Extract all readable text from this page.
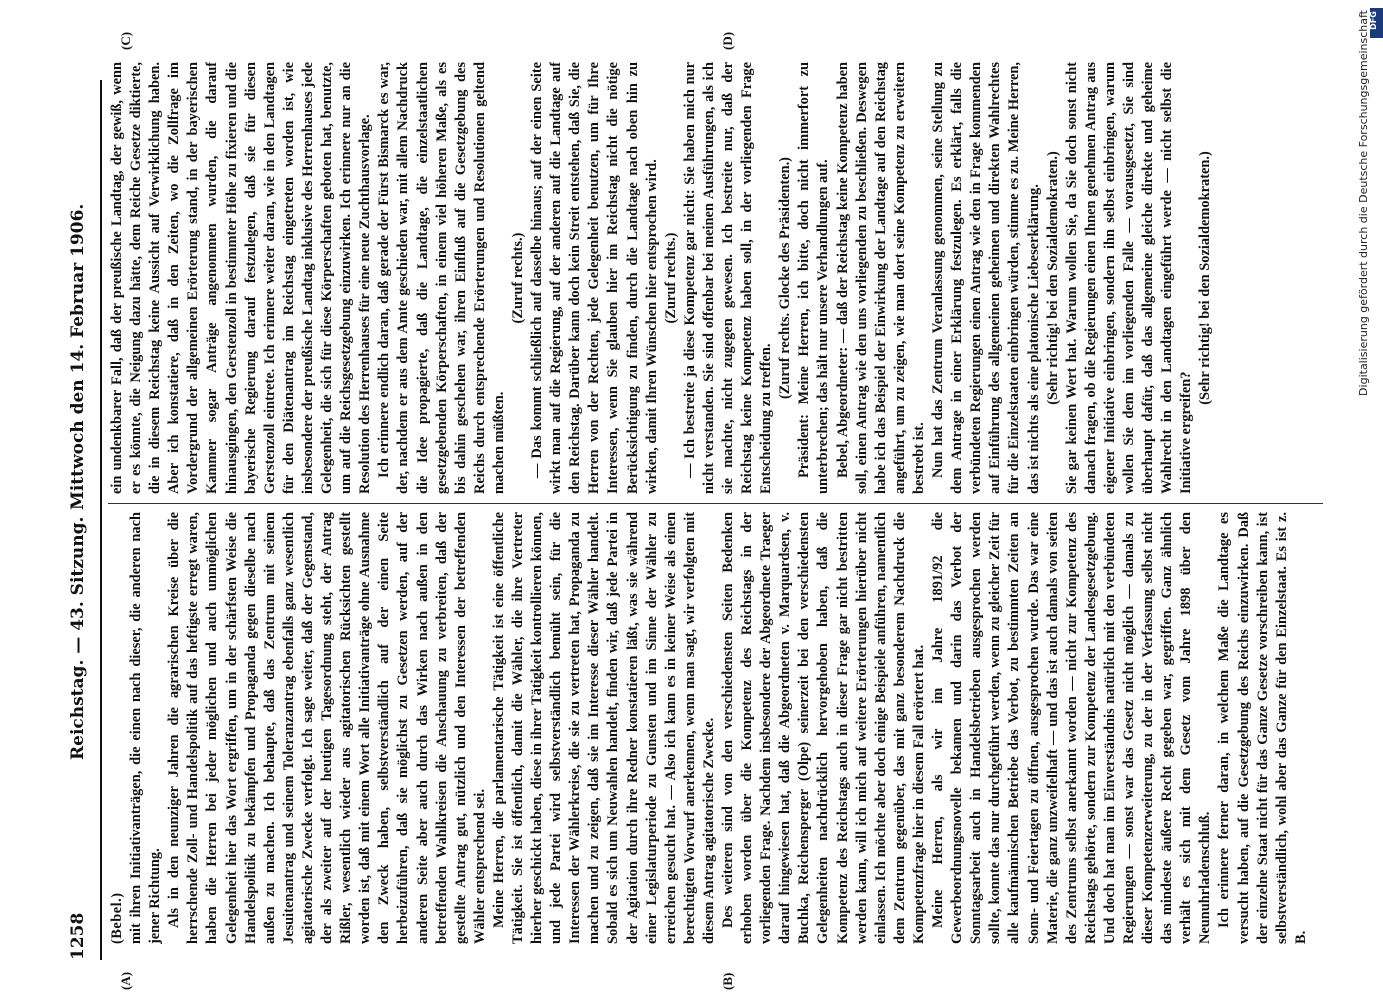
1258
Reichstag. — 43. Sitzung.
Mittwoch den 14. Februar 1906.
(A)	(B)
(C)	(D)

(Bebel.) mit ihren Initiativanträgen, die einen nach dieser, die anderen nach jener Richtung. Als in den neunziger Jahren die agrarischen Kreise über die herrschende Zoll- und Handelspolitik auf das heftigste erregt waren, haben die Herren bei jeder möglichen und auch unmöglichen Gelegenheit hier das Wort ergriffen, um in der schärfsten Weise die Handelspolitik zu bekämpfen und Propaganda gegen dieselbe nach außen zu machen. Ich behaupte, daß das Zentrum mit seinem Jesuitenantrag und seinem Toleranzantrag ebenfalls ganz wesentlich agitatorische Zwecke verfolgt. Ich sage weiter, daß der Gegenstand, der als zweiter auf der heutigen Tagesordnung steht, der Antrag Rißler, wesentlich wieder aus agitatorischen Rücksichten gestellt worden ist, daß mit einem Wort alle Initiativanträge ohne Ausnahme den Zweck haben, selbstverständlich auf der einen Seite herbeizuführen, daß sie möglichst zu Gesetzen werden, auf der anderen Seite aber auch durch das Wirken nach außen in den betreffenden Wahlkreisen die Anschauung zu verbreiten, daß der gestellte Antrag gut, nützlich und den Interessen der betreffenden Wähler entsprechend sei. Meine Herren, die parlamentarische Tätigkeit ist eine öffentliche Tätigkeit. Sie ist öffentlich, damit die Wähler, die ihre Vertreter hierher geschickt haben, diese in ihrer Tätigkeit kontrollieren können, und jede Partei wird selbstverständlich bemüht sein, für die Interessen der Wählerkreise, die sie zu vertreten hat, Propaganda zu machen und zu zeigen, daß sie im Interesse dieser Wähler handelt. Sobald es sich um Neuwahlen handelt, finden wir, daß jede Partei in der Agitation durch ihre Redner konstatieren läßt, was sie während einer Legislaturperiode zu Gunsten und im Sinne der Wähler zu erreichen gesucht hat. — Also ich kann es in keiner Weise als einen berechtigten Vorwurf anerkennen, wenn man sagt, wir verfolgten mit diesem Antrag agitatorische Zwecke. Des weiteren sind von den verschiedensten Seiten Bedenken erhoben worden über die Kompetenz des Reichstags in der vorliegenden Frage. Nachdem insbesondere der Abgeordnete Traeger darauf hingewiesen hat, daß die Abgeordneten v. Marquardsen, v. Buchka, Reichensperger (Olpe) seinerzeit bei den verschiedensten Gelegenheiten nachdrücklich hervorgehoben haben, daß die Kompetenz des Reichstags auch in dieser Frage gar nicht bestritten werden kann, will ich mich auf weitere Erörterungen hierüber nicht einlassen. Ich möchte aber doch einige Beispiele anführen, namentlich dem Zentrum gegenüber, das mit ganz besonderem Nachdruck die Kompetenzfrage hier in diesem Fall erörtert hat. Meine Herren, als wir im Jahre 1891/92 die Gewerbeordnungsnovelle bekamen und darin das Verbot der Sonntagsarbeit auch in Handelsbetrieben ausgesprochen werden sollte, konnte das nur durchgeführt werden, wenn zu gleicher Zeit für alle kaufmännischen Betriebe das Verbot, zu bestimmten Zeiten an Sonn- und Feiertagen zu öffnen, ausgesprochen wurde. Das war eine Materie, die ganz unzweifelhaft — und das ist auch damals von seiten des Zentrums selbst anerkannt worden — nicht zur Kompetenz des Reichstags gehörte, sondern zur Kompetenz der Landesgesetzgebung. Und doch hat man im Einverständnis natürlich mit den verbündeten Regierungen — sonst war das Gesetz nicht möglich — damals zu dieser Kompetenzerweiterung, zu der in der Verfassung selbst nicht das mindeste äußere Recht gegeben war, gegriffen. Ganz ähnlich verhält es sich mit dem Gesetz vom Jahre 1898 über den Neunuhrladenschluß. Ich erinnere ferner daran, in welchem Maße die Landtage es versucht haben, auf die Gesetzgebung des Reichs einzuwirken. Daß der einzelne Staat nicht für das Ganze Gesetze vorschreiben kann, ist selbstverständlich, wohl aber das Ganze für den Einzelstaat. Es ist z. B.

ein undenkbarer Fall, daß der preußische Landtag, der gewiß, wenn er es könnte, die Neigung dazu hätte, dem Reiche Gesetze diktierte, die in diesem Reichstag keine Aussicht auf Verwirklichung haben. Aber ich konstatiere, daß in den Zeiten, wo die Zollfrage im Vordergrund der allgemeinen Erörterung stand, in der bayerischen Kammer sogar Anträge angenommen wurden, die darauf hinausgingen, den Gerstenzoll in bestimmter Höhe zu fixieren und die bayerische Regierung darauf festzulegen, daß sie für diesen Gerstenzoll eintrete. Ich erinnere weiter daran, wie in den Landtagen für den Diätenantrag im Reichstag eingetreten worden ist, wie insbesondere der preußische Landtag inklusive des Herrenhauses jede Gelegenheit, die sich für diese Körperschaften geboten hat, benutzte, um auf die Reichsgesetzgebung einzuwirken. Ich erinnere nur an die Resolution des Herrenhauses für eine neue Zuchthausvorlage. Ich erinnere endlich daran, daß gerade der Fürst Bismarck es war, der, nachdem er aus dem Amte geschieden war, mit allem Nachdruck die Idee propagierte, daß die Landtage, die einzelstaatlichen gesetzgebenden Körperschaften, in einem viel höheren Maße, als es bis dahin geschehen war, ihren Einfluß auf die Gesetzgebung des Reichs durch entsprechende Erörterungen und Resolutionen geltend machen müßten.

(Zuruf rechts.) — Das kommt schließlich auf dasselbe hinaus; auf der einen Seite wirkt man auf die Regierung, auf der anderen auf die Landtage auf den Reichstag. Darüber kann doch kein Streit entstehen, daß Sie, die Herren von der Rechten, jede Gelegenheit benutzen, um für Ihre Interessen, wenn Sie glauben hier im Reichstag nicht die nötige Berücksichtigung zu finden, durch die Landtage nach oben hin zu wirken, damit Ihren Wünschen hier entsprochen wird. (Zuruf rechts.) — Ich bestreite ja diese Kompetenz gar nicht: Sie haben mich nur nicht verstanden. Sie sind offenbar bei meinen Ausführungen, als ich sie machte, nicht zugegen gewesen. Ich bestreite nur, daß der Reichstag keine Kompetenz haben soll, in der vorliegenden Frage Entscheidung zu treffen.

(Zuruf rechts. Glocke des Präsidenten.) Präsident: Meine Herren, ich bitte, doch nicht immerfort zu unterbrechen; das hält nur unsere Verhandlungen auf. Bebel, Abgeordneter: — daß der Reichstag keine Kompetenz haben soll, einen Antrag wie den uns vorliegenden zu beschließen. Deswegen habe ich das Beispiel der Einwirkung der Landtage auf den Reichstag angeführt, um zu zeigen, wie man dort seine Kompetenz zu erweitern bestrebt ist. Nun hat das Zentrum Veranlassung genommen, seine Stellung zu dem Antrage in einer Erklärung festzulegen. Es erklärt, falls die verbündeten Regierungen einen Antrag wie den in Frage kommenden auf Einführung des allgemeinen geheimen und direkten Wahlrechtes für die Einzelstaaten einbringen würden, stimme es zu. Meine Herren, das ist nichts als eine platonische Liebeserklärung. (Sehr richtig! bei den Sozialdemokraten.) Sie gar keinen Wert hat. Warum wollen Sie, da Sie doch sonst nicht danach fragen, ob die Regierungen einen Ihnen genehmen Antrag aus eigener Initiative einbringen, sondern ihn selbst einbringen, warum wollen Sie dem im vorliegenden Falle — vorausgesetzt, Sie sind überhaupt dafür, daß das allgemeine gleiche direkte und geheime Wahlrecht in den Landtagen eingeführt werde — nicht selbst die Initiative ergreifen?

(Sehr richtig! bei den Sozialdemokraten.)	Digitalisierung gefördert durch die Deutsche Forschungsgemeinschaft
DFG
